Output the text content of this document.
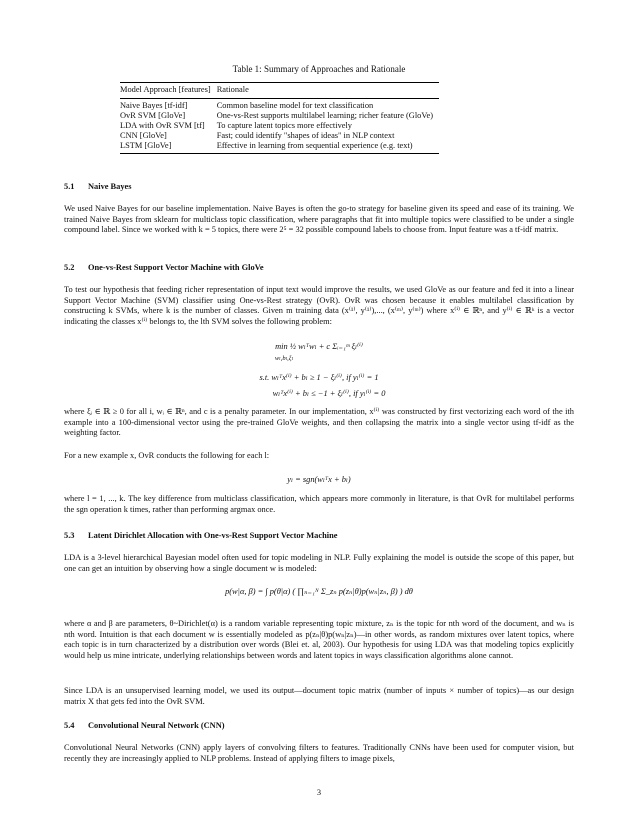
Table 1: Summary of Approaches and Rationale
Model Approach [features]	Rationale
Naive Bayes [tf-idf]	Common baseline model for text classification
OvR SVM [GloVe]	One-vs-Rest supports multilabel learning; richer feature (GloVe)
LDA with OvR SVM [tf]	To capture latent topics more effectively
CNN [GloVe]	Fast; could identify "shapes of ideas" in NLP context
LSTM [GloVe]	Effective in learning from sequential experience (e.g. text)
5.1 Naive Bayes
We used Naive Bayes for our baseline implementation. Naive Bayes is often the go-to strategy for baseline given its speed and ease of its training. We trained Naive Bayes from sklearn for multiclass topic classification, where paragraphs that fit into multiple topics were classified to be under a single compound label. Since we worked with k = 5 topics, there were 2⁵ = 32 possible compound labels to choose from. Input feature was a tf-idf matrix.
5.2 One-vs-Rest Support Vector Machine with GloVe
To test our hypothesis that feeding richer representation of input text would improve the results, we used GloVe as our feature and fed it into a linear Support Vector Machine (SVM) classifier using One-vs-Rest strategy (OvR). OvR was chosen because it enables multilabel classification by constructing k SVMs, where k is the number of classes. Given m training data (x⁽¹⁾, y⁽¹⁾),..., (x⁽ᵐ⁾, y⁽ᵐ⁾) where x⁽ⁱ⁾ ∈ ℝⁿ, and y⁽ⁱ⁾ ∈ ℝᵏ is a vector indicating the classes x⁽ⁱ⁾ belongs to, the lth SVM solves the following problem:
min ½ wₗᵀwₗ + c Σᵢ₌₁ᵐ ξₗ⁽ⁱ⁾
wₗ,bₗ,ξₗ
s.t. wₗᵀx⁽ⁱ⁾ + bₗ ≥ 1 − ξₗ⁽ⁱ⁾, if yₗ⁽ⁱ⁾ = 1
wₗᵀx⁽ⁱ⁾ + bₗ ≤ −1 + ξₗ⁽ⁱ⁾, if yₗ⁽ⁱ⁾ = 0
where ξᵢ ∈ ℝ ≥ 0 for all i, wᵢ ∈ ℝⁿ, and c is a penalty parameter. In our implementation, x⁽ⁱ⁾ was constructed by first vectorizing each word of the ith example into a 100-dimensional vector using the pre-trained GloVe weights, and then collapsing the matrix into a single vector using tf-idf as the weighting factor.
For a new example x, OvR conducts the following for each l:
yₗ = sgn(wₗᵀx + bₗ)
where l = 1, ..., k. The key difference from multiclass classification, which appears more commonly in literature, is that OvR for multilabel performs the sgn operation k times, rather than performing argmax once.
5.3 Latent Dirichlet Allocation with One-vs-Rest Support Vector Machine
LDA is a 3-level hierarchical Bayesian model often used for topic modeling in NLP. Fully explaining the model is outside the scope of this paper, but one can get an intuition by observing how a single document w is modeled:
p(w|α, β) = ∫ p(θ|α) ( ∏ₙ₌₁ᴺ Σ_zₙ p(zₙ|θ)p(wₙ|zₙ, β) ) dθ
where α and β are parameters, θ~Dirichlet(α) is a random variable representing topic mixture, zₙ is the topic for nth word of the document, and wₙ is nth word. Intuition is that each document w is essentially modeled as p(zₙ|θ)p(wₙ|zₙ)—in other words, as random mixtures over latent topics, where each topic is in turn characterized by a distribution over words (Blei et. al, 2003). Our hypothesis for using LDA was that modeling topics explicitly would help us mine intricate, underlying relationships between words and latent topics in ways classification algorithms alone cannot.
Since LDA is an unsupervised learning model, we used its output—document topic matrix (number of inputs × number of topics)—as our design matrix X that gets fed into the OvR SVM.
5.4 Convolutional Neural Network (CNN)
Convolutional Neural Networks (CNN) apply layers of convolving filters to features. Traditionally CNNs have been used for computer vision, but recently they are increasingly applied to NLP problems. Instead of applying filters to image pixels,
3
